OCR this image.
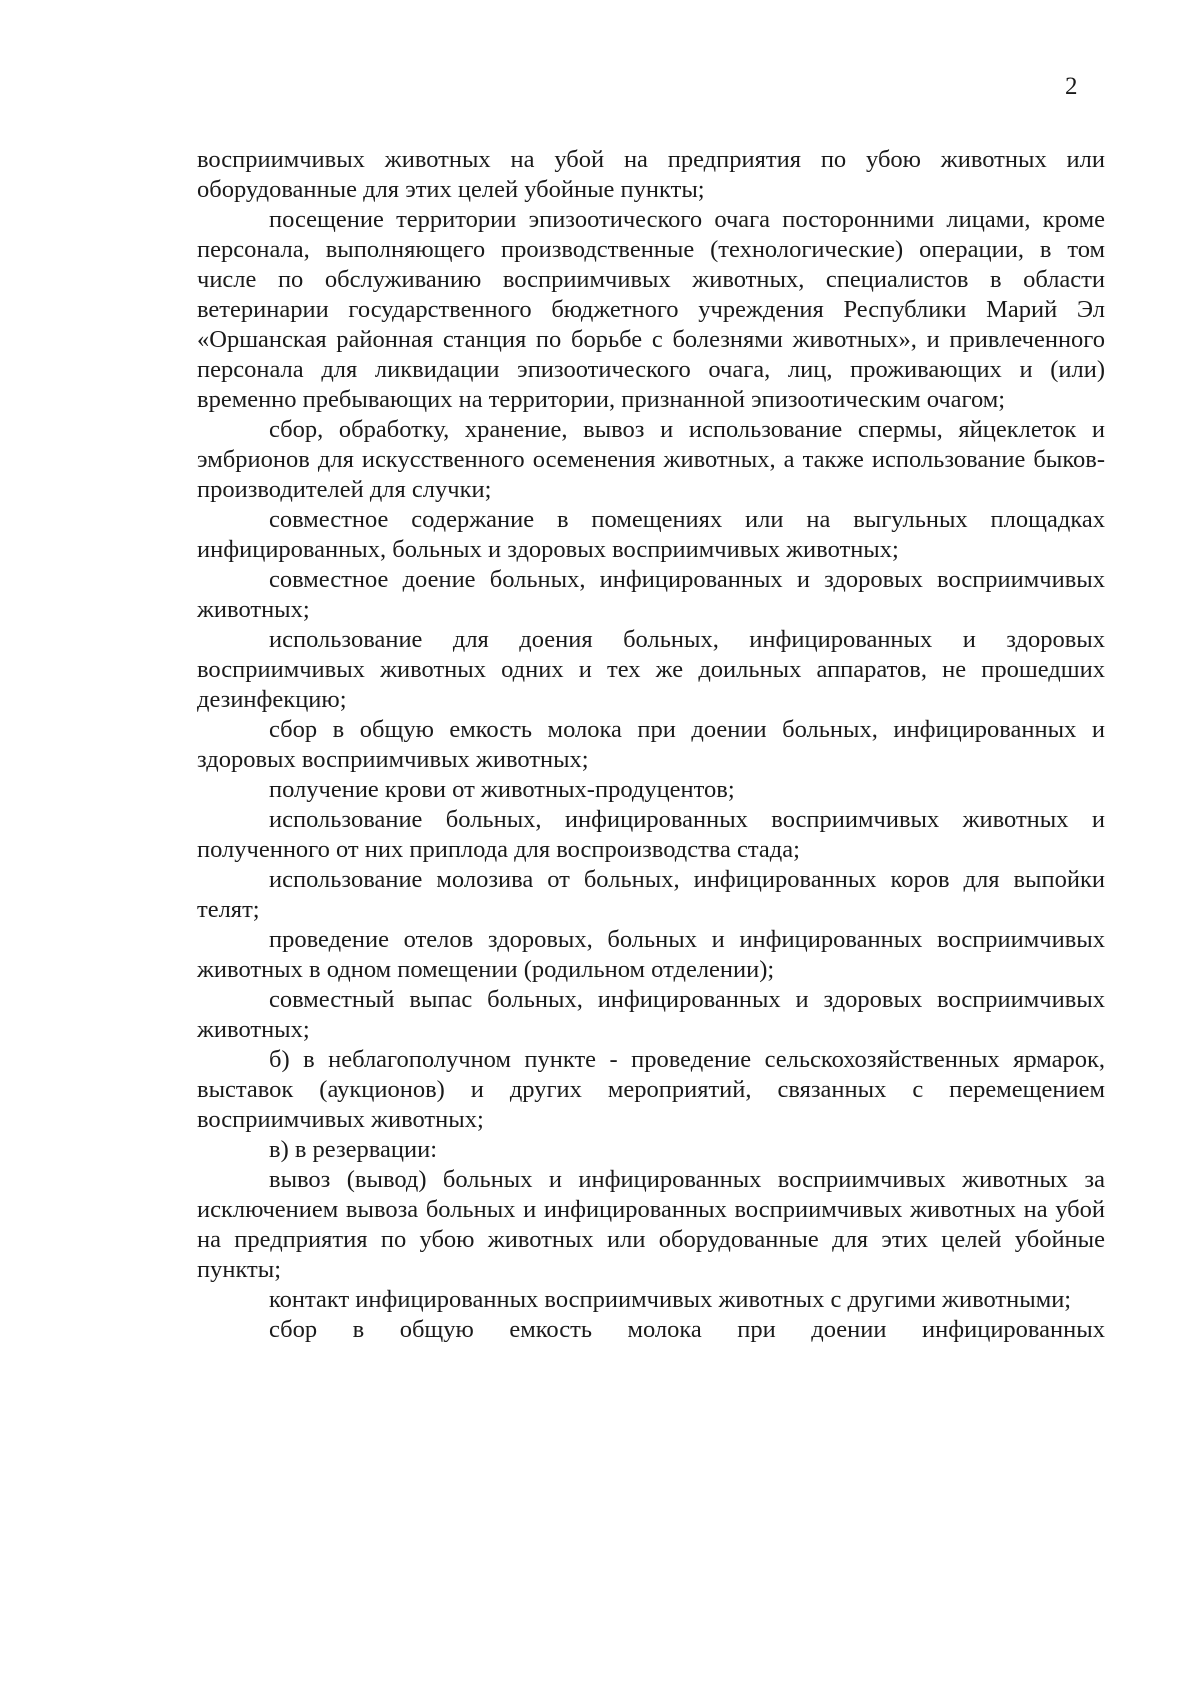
2

восприимчивых животных на убой на предприятия по убою животных или оборудованные для этих целей убойные пункты;

посещение территории эпизоотического очага посторонними лицами, кроме персонала, выполняющего производственные (технологические) операции, в том числе по обслуживанию восприимчивых животных, специалистов в области ветеринарии государственного бюджетного учреждения Республики Марий Эл «Оршанская районная станция по борьбе с болезнями животных», и привлеченного персонала для ликвидации эпизоотического очага, лиц, проживающих и (или) временно пребывающих на территории, признанной эпизоотическим очагом;

сбор, обработку, хранение, вывоз и использование спермы, яйцеклеток и эмбрионов для искусственного осеменения животных, а также использование быков-производителей для случки;

совместное содержание в помещениях или на выгульных площадках инфицированных, больных и здоровых восприимчивых животных;

совместное доение больных, инфицированных и здоровых восприимчивых животных;

использование для доения больных, инфицированных и здоровых восприимчивых животных одних и тех же доильных аппаратов, не прошедших дезинфекцию;

сбор в общую емкость молока при доении больных, инфицированных и здоровых восприимчивых животных;

получение крови от животных-продуцентов;

использование больных, инфицированных восприимчивых животных и полученного от них приплода для воспроизводства стада;

использование молозива от больных, инфицированных коров для выпойки телят;

проведение отелов здоровых, больных и инфицированных восприимчивых животных в одном помещении (родильном отделении);

совместный выпас больных, инфицированных и здоровых восприимчивых животных;

б) в неблагополучном пункте - проведение сельскохозяйственных ярмарок, выставок (аукционов) и других мероприятий, связанных с перемещением восприимчивых животных;

в) в резервации:

вывоз (вывод) больных и инфицированных восприимчивых животных за исключением вывоза больных и инфицированных восприимчивых животных на убой на предприятия по убою животных или оборудованные для этих целей убойные пункты;

контакт инфицированных восприимчивых животных с другими животными;

сбор в общую емкость молока при доении инфицированных
